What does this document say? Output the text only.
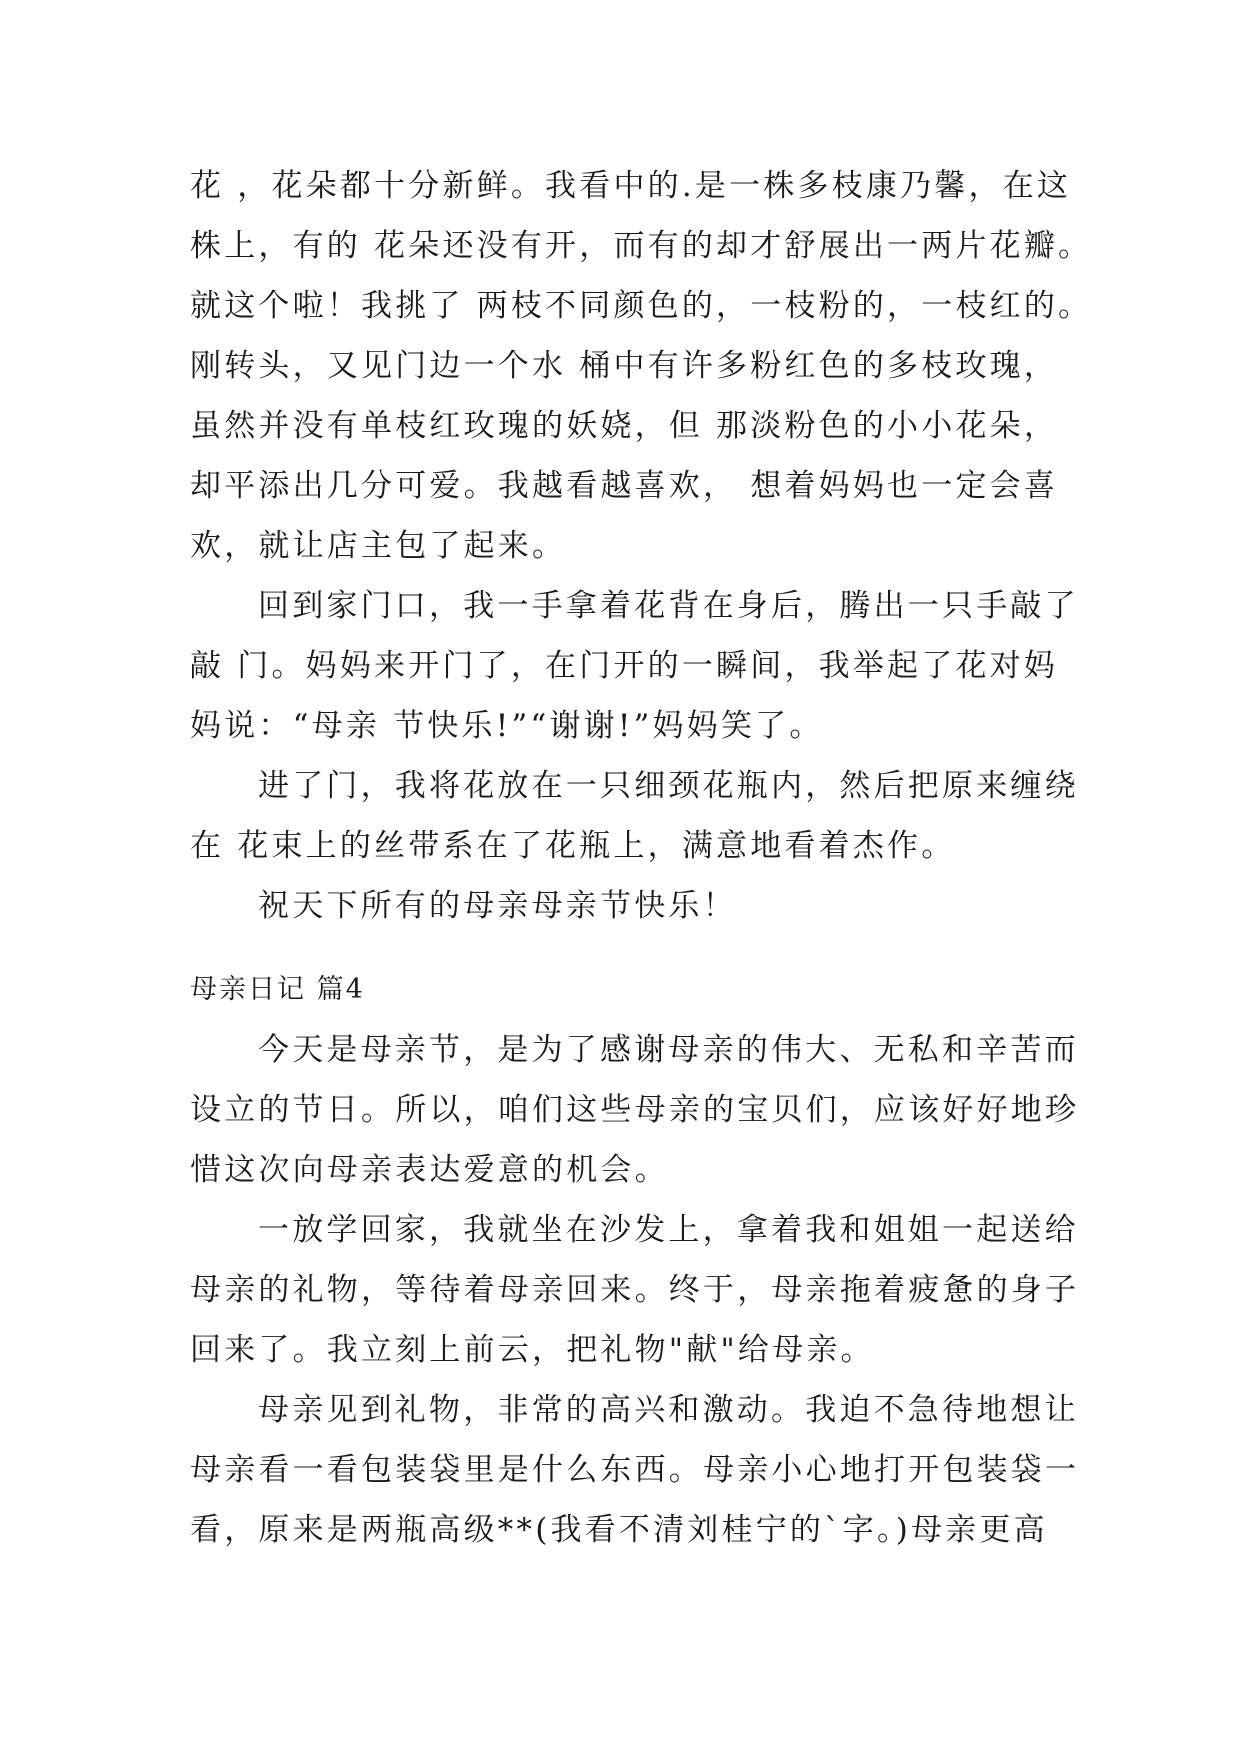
花 ，花朵都十分新鲜。我看中的.是一株多枝康乃馨，在这
株上，有的 花朵还没有开，而有的却才舒展出一两片花瓣。
就这个啦！我挑了 两枝不同颜色的，一枝粉的，一枝红的。
刚转头，又见门边一个水 桶中有许多粉红色的多枝玫瑰，
虽然并没有单枝红玫瑰的妖娆，但 那淡粉色的小小花朵，
却平添出几分可爱。我越看越喜欢， 想着妈妈也一定会喜
欢，就让店主包了起来。
回到家门口，我一手拿着花背在身后，腾出一只手敲了
敲 门。妈妈来开门了，在门开的一瞬间，我举起了花对妈
妈说：“母亲 节快乐!”“谢谢!”妈妈笑了。
进了门，我将花放在一只细颈花瓶内，然后把原来缠绕
在 花束上的丝带系在了花瓶上，满意地看着杰作。
祝天下所有的母亲母亲节快乐！
母亲日记 篇4
今天是母亲节，是为了感谢母亲的伟大、无私和辛苦而
设立的节日。所以，咱们这些母亲的宝贝们，应该好好地珍
惜这次向母亲表达爱意的机会。
一放学回家，我就坐在沙发上，拿着我和姐姐一起送给
母亲的礼物，等待着母亲回来。终于，母亲拖着疲惫的身子
回来了。我立刻上前云，把礼物"献"给母亲。
母亲见到礼物，非常的高兴和激动。我迫不急待地想让
母亲看一看包装袋里是什么东西。母亲小心地打开包装袋一
看，原来是两瓶高级**(我看不清刘桂宁的`字。)母亲更高
